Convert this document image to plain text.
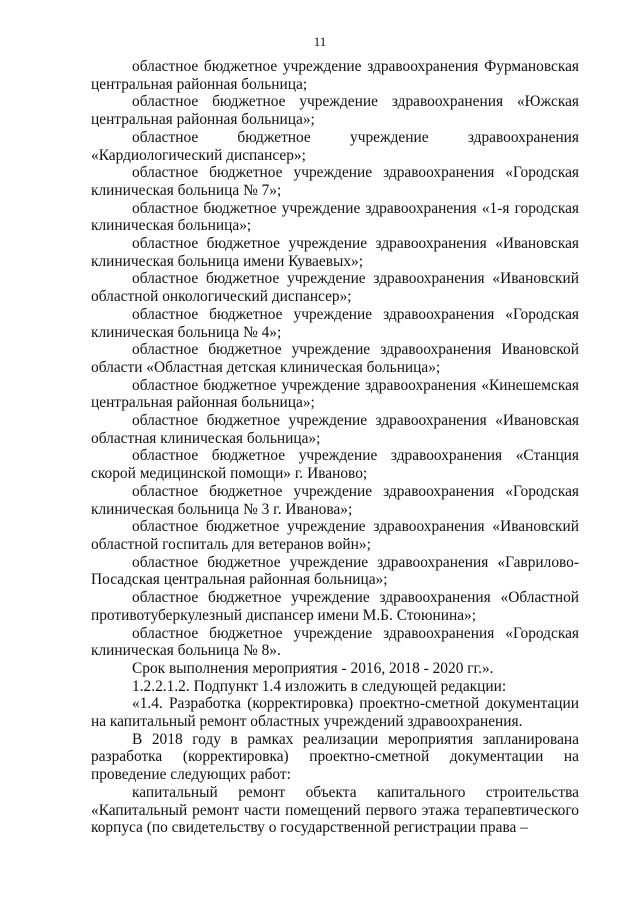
11

областное бюджетное учреждение здравоохранения Фурмановская центральная районная больница;

областное бюджетное учреждение здравоохранения «Южская центральная районная больница»;

областное бюджетное учреждение здравоохранения «Кардиологический диспансер»;

областное бюджетное учреждение здравоохранения «Городская клиническая больница № 7»;

областное бюджетное учреждение здравоохранения «1-я городская клиническая больница»;

областное бюджетное учреждение здравоохранения «Ивановская клиническая больница имени Куваевых»;

областное бюджетное учреждение здравоохранения «Ивановский областной онкологический диспансер»;

областное бюджетное учреждение здравоохранения «Городская клиническая больница № 4»;

областное бюджетное учреждение здравоохранения Ивановской области «Областная детская клиническая больница»;

областное бюджетное учреждение здравоохранения «Кинешемская центральная районная больница»;

областное бюджетное учреждение здравоохранения «Ивановская областная клиническая больница»;

областное бюджетное учреждение здравоохранения «Станция скорой медицинской помощи» г. Иваново;

областное бюджетное учреждение здравоохранения «Городская клиническая больница № 3 г. Иванова»;

областное бюджетное учреждение здравоохранения «Ивановский областной госпиталь для ветеранов войн»;

областное бюджетное учреждение здравоохранения «Гаврилово-Посадская центральная районная больница»;

областное бюджетное учреждение здравоохранения «Областной противотуберкулезный диспансер имени М.Б. Стоюнина»;

областное бюджетное учреждение здравоохранения «Городская клиническая больница № 8».

Срок выполнения мероприятия - 2016, 2018 - 2020 гг.».

1.2.2.1.2. Подпункт 1.4 изложить в следующей редакции:

«1.4. Разработка (корректировка) проектно-сметной документации на капитальный ремонт областных учреждений здравоохранения.

В 2018 году в рамках реализации мероприятия запланирована разработка (корректировка) проектно-сметной документации на проведение следующих работ:

капитальный ремонт объекта капитального строительства «Капитальный ремонт части помещений первого этажа терапевтического корпуса (по свидетельству о государственной регистрации права –
